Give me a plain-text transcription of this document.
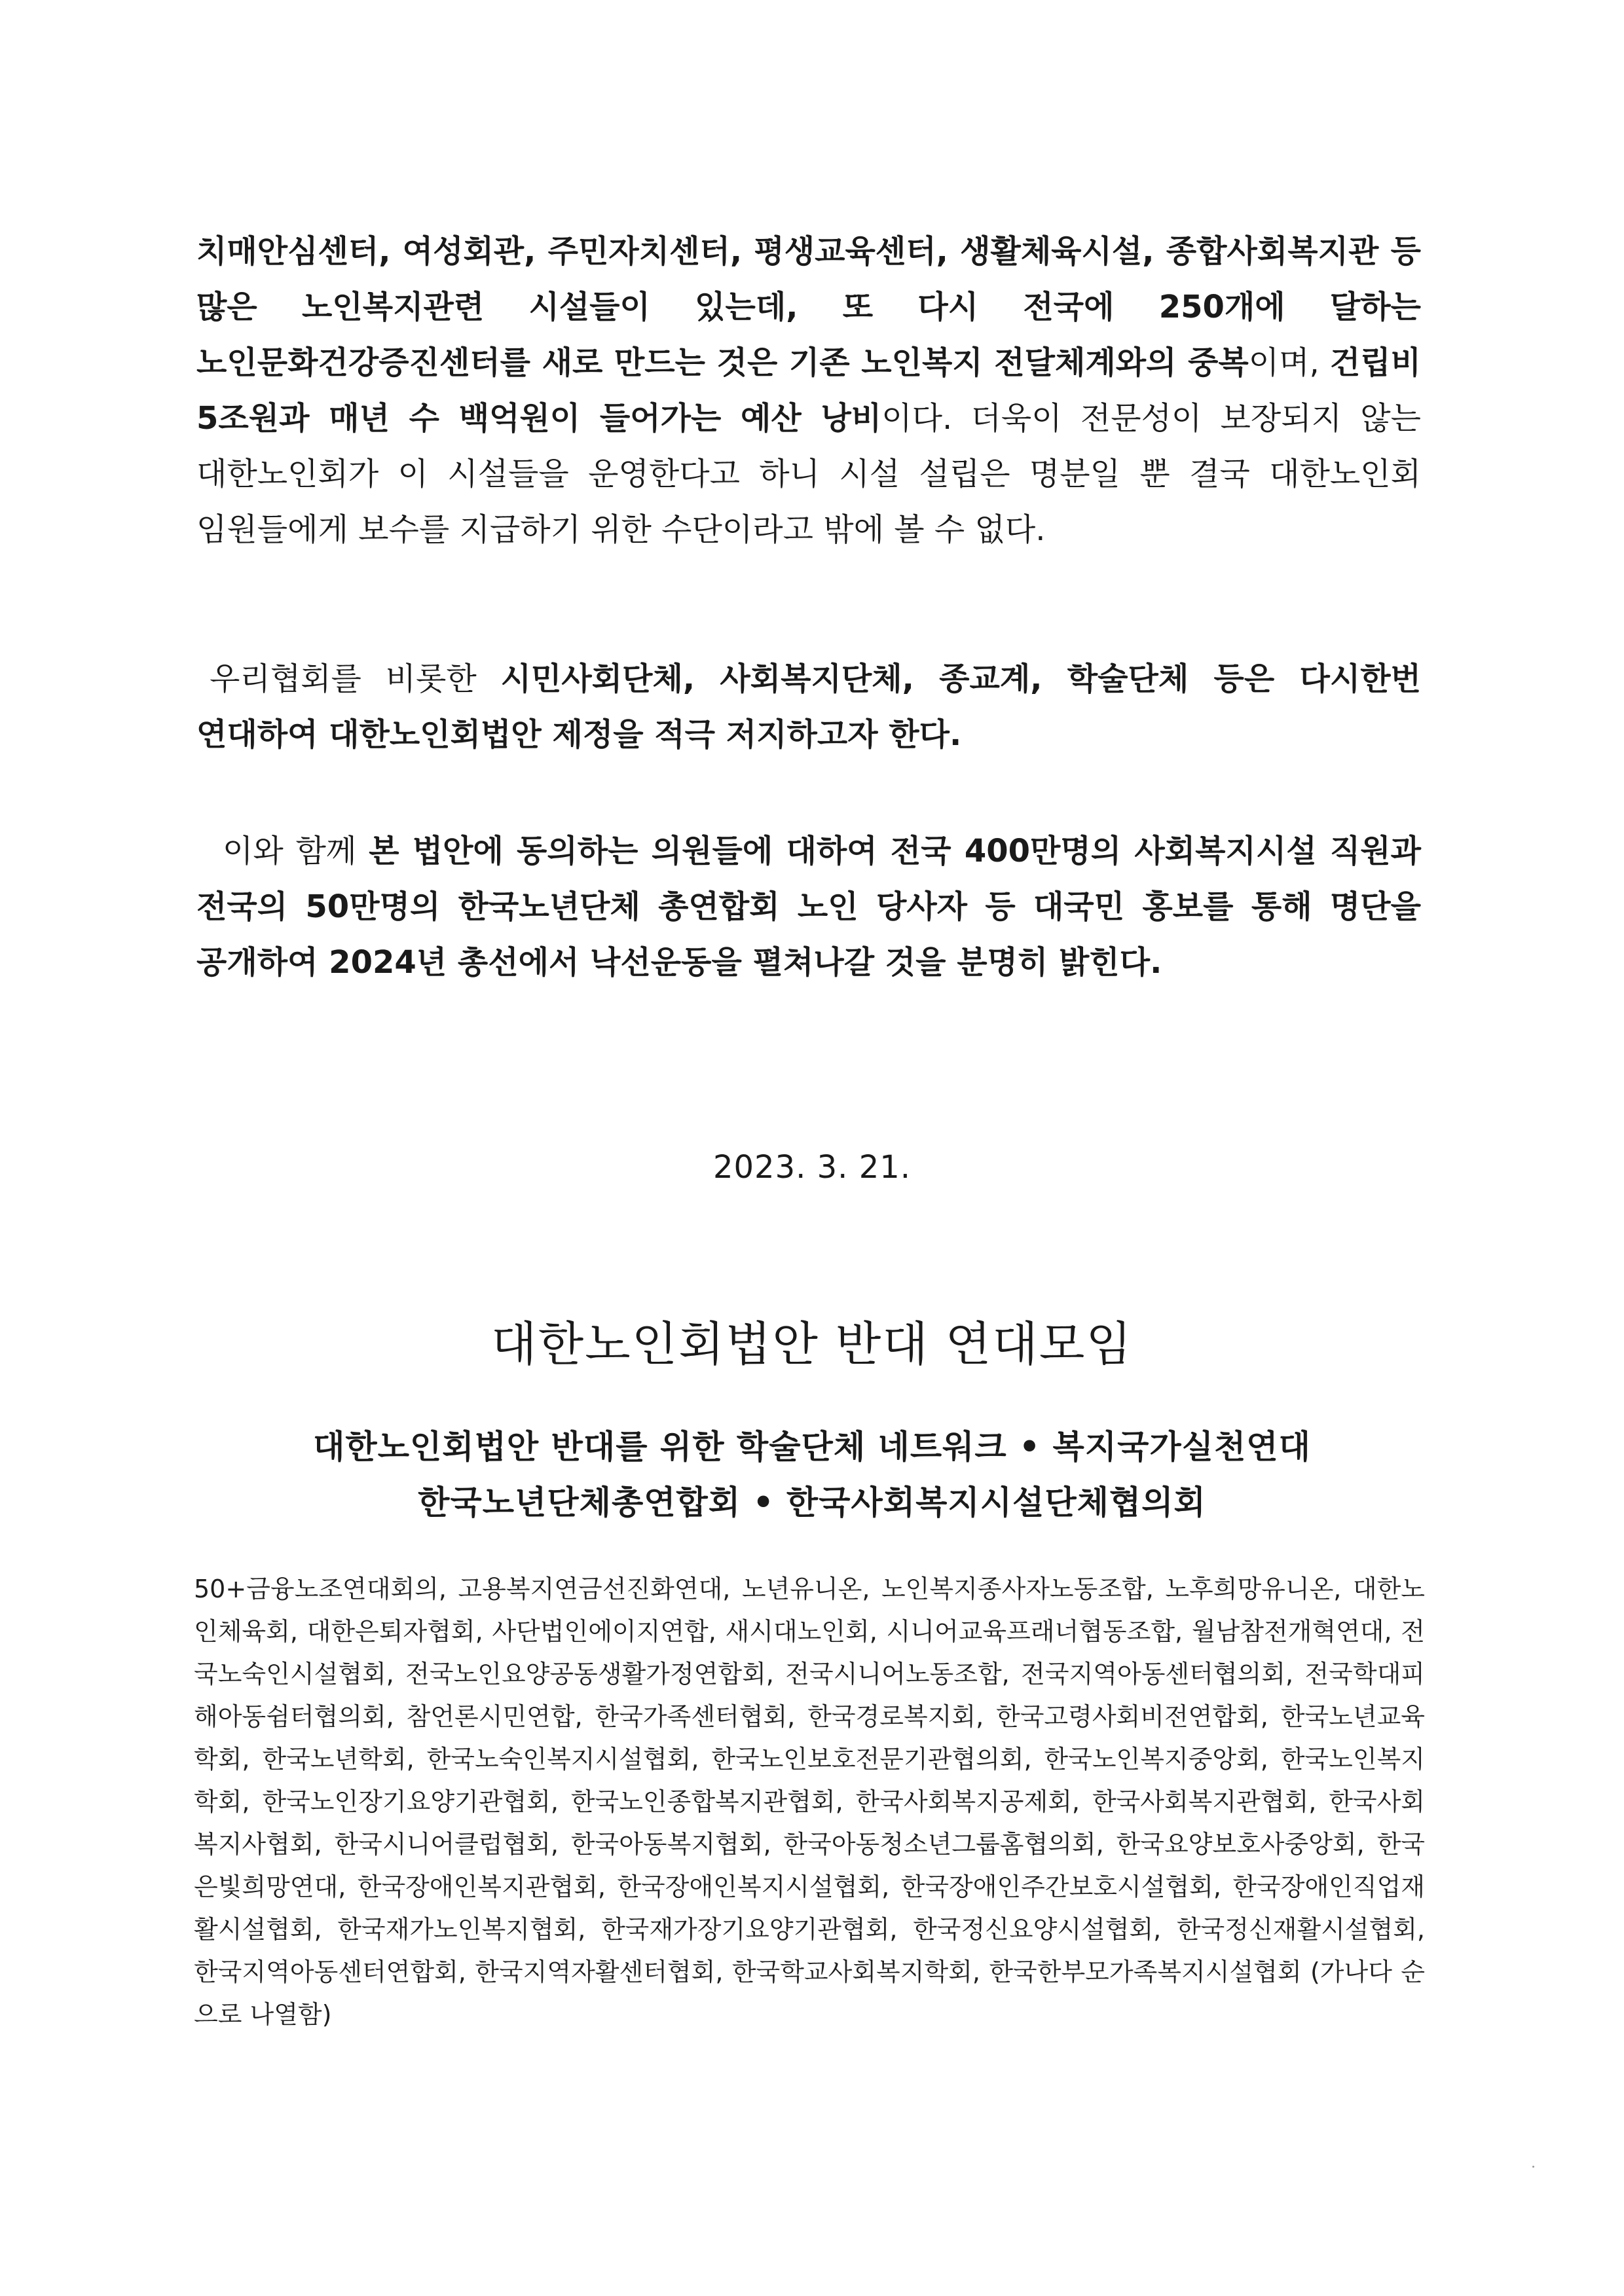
치매안심센터, 여성회관, 주민자치센터, 평생교육센터, 생활체육시설, 종합사회복지관 등 많은 노인복지관련 시설들이 있는데, 또 다시 전국에 250개에 달하는 노인문화건강증진센터를 새로 만드는 것은 기존 노인복지 전달체계와의 중복이며, 건립비 5조원과 매년 수 백억원이 들어가는 예산 낭비이다. 더욱이 전문성이 보장되지 않는 대한노인회가 이 시설들을 운영한다고 하니 시설 설립은 명분일 뿐 결국 대한노인회 임원들에게 보수를 지급하기 위한 수단이라고 밖에 볼 수 없다.

우리협회를 비롯한 시민사회단체, 사회복지단체, 종교계, 학술단체 등은 다시한번 연대하여 대한노인회법안 제정을 적극 저지하고자 한다.

이와 함께 본 법안에 동의하는 의원들에 대하여 전국 400만명의 사회복지시설 직원과 전국의 50만명의 한국노년단체 총연합회 노인 당사자 등 대국민 홍보를 통해 명단을 공개하여 2024년 총선에서 낙선운동을 펼쳐나갈 것을 분명히 밝힌다.

2023. 3. 21.
대한노인회법안 반대 연대모임
대한노인회법안 반대를 위한 학술단체 네트워크 • 복지국가실천연대
한국노년단체총연합회 • 한국사회복지시설단체협의회

50+금융노조연대회의, 고용복지연금선진화연대, 노년유니온, 노인복지종사자노동조합, 노후희망유니온, 대한노인체육회, 대한은퇴자협회, 사단법인에이지연합, 새시대노인회, 시니어교육프래너협동조합, 월남참전개혁연대, 전국노숙인시설협회, 전국노인요양공동생활가정연합회, 전국시니어노동조합, 전국지역아동센터협의회, 전국학대피해아동쉼터협의회, 참언론시민연합, 한국가족센터협회, 한국경로복지회, 한국고령사회비전연합회, 한국노년교육학회, 한국노년학회, 한국노숙인복지시설협회, 한국노인보호전문기관협의회, 한국노인복지중앙회, 한국노인복지학회, 한국노인장기요양기관협회, 한국노인종합복지관협회, 한국사회복지공제회, 한국사회복지관협회, 한국사회복지사협회, 한국시니어클럽협회, 한국아동복지협회, 한국아동청소년그룹홈협의회, 한국요양보호사중앙회, 한국은빛희망연대, 한국장애인복지관협회, 한국장애인복지시설협회, 한국장애인주간보호시설협회, 한국장애인직업재활시설협회, 한국재가노인복지협회, 한국재가장기요양기관협회, 한국정신요양시설협회, 한국정신재활시설협회, 한국지역아동센터연합회, 한국지역자활센터협회, 한국학교사회복지학회, 한국한부모가족복지시설협회 (가나다 순으로 나열함)
